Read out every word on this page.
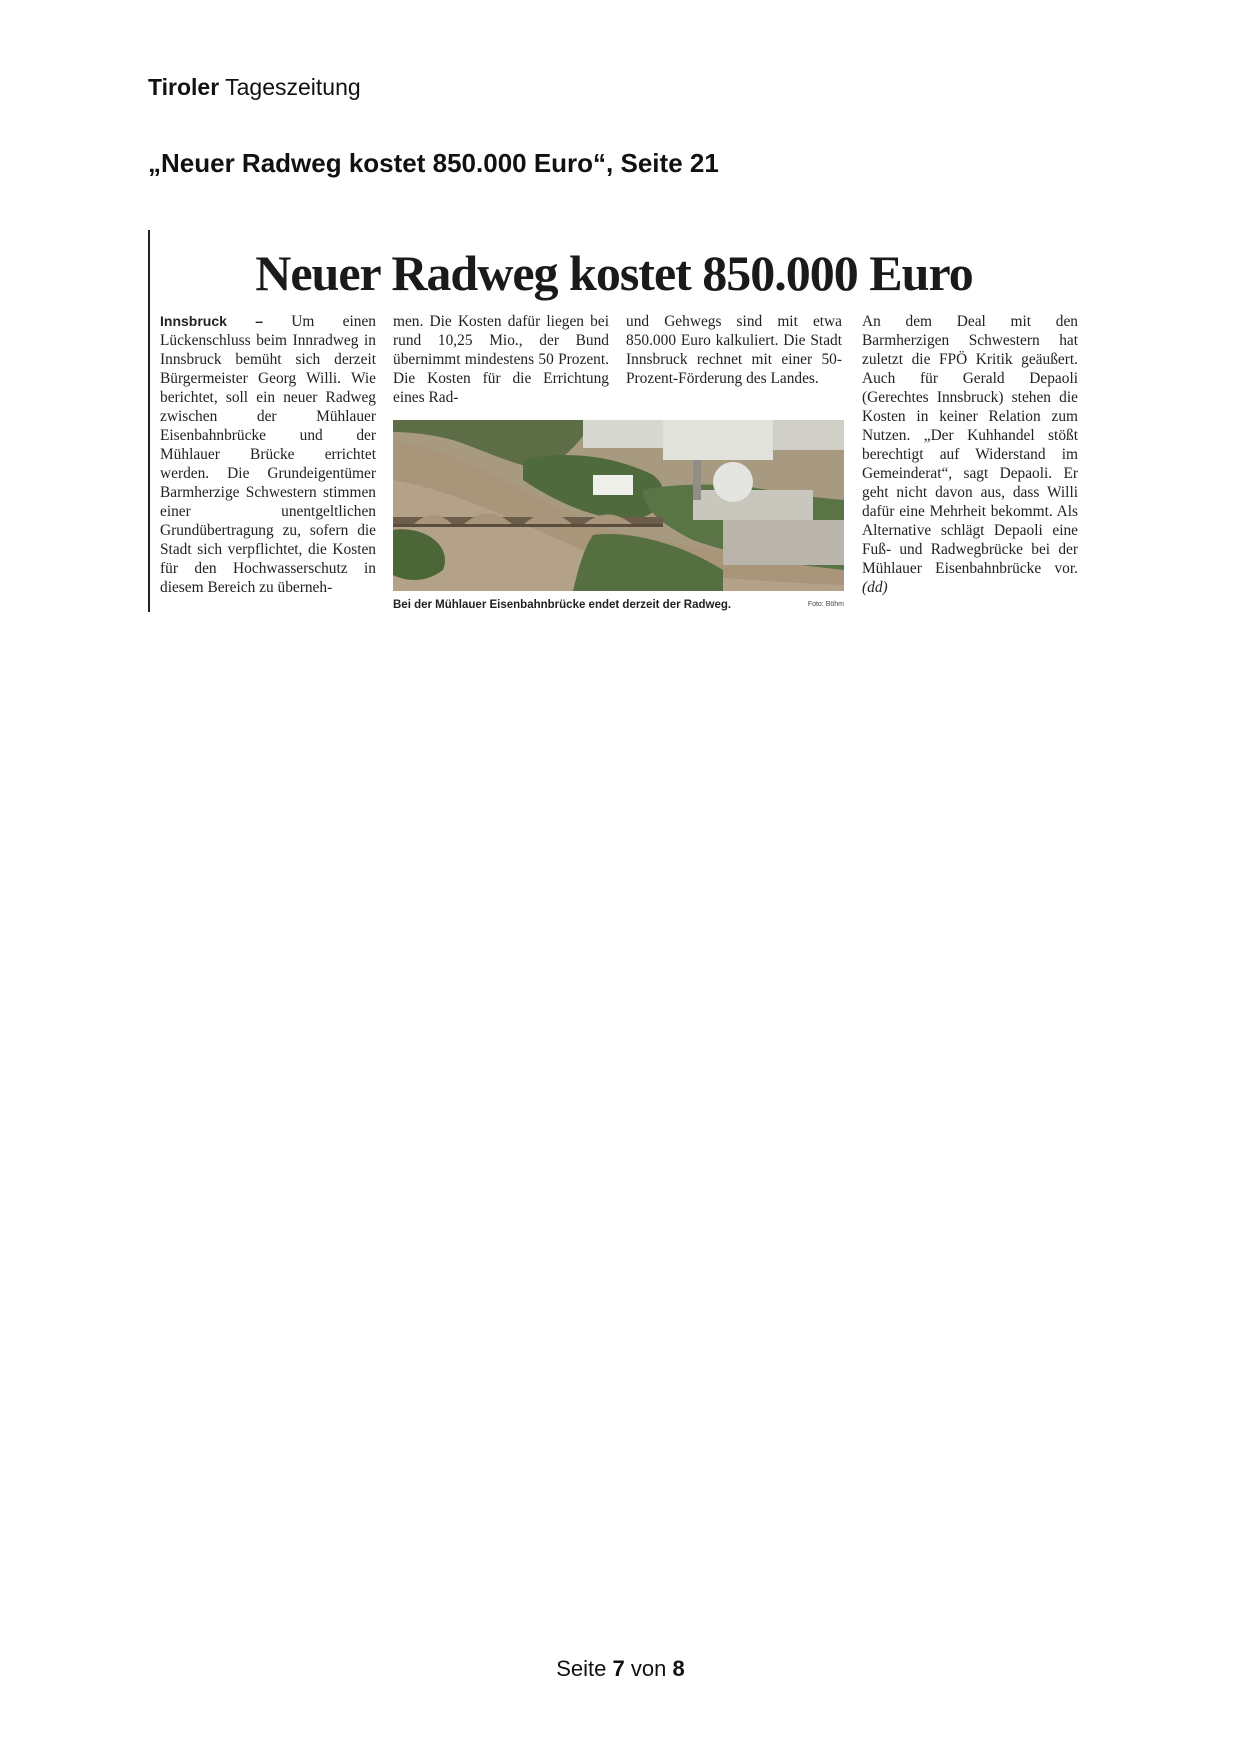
Tiroler Tageszeitung
„Neuer Radweg kostet 850.000 Euro“, Seite 21
Neuer Radweg kostet 850.000 Euro
Innsbruck – Um einen Lückenschluss beim Innradweg in Innsbruck bemüht sich derzeit Bürgermeister Georg Willi. Wie berichtet, soll ein neuer Radweg zwischen der Mühlauer Eisenbahnbrücke und der Mühlauer Brücke errichtet werden. Die Grundeigentümer Barmherzige Schwestern stimmen einer unentgeltlichen Grundübertragung zu, sofern die Stadt sich verpflichtet, die Kosten für den Hochwasserschutz in diesem Bereich zu überneh-
men. Die Kosten dafür liegen bei rund 10,25 Mio., der Bund übernimmt mindestens 50 Prozent. Die Kosten für die Errichtung eines Rad-
und Gehwegs sind mit etwa 850.000 Euro kalkuliert. Die Stadt Innsbruck rechnet mit einer 50-Prozent-Förderung des Landes.
An dem Deal mit den Barmherzigen Schwestern hat zuletzt die FPÖ Kritik geäußert. Auch für Gerald Depaoli (Gerechtes Innsbruck) stehen die Kosten in keiner Relation zum Nutzen. „Der Kuhhandel stößt berechtigt auf Widerstand im Gemeinderat“, sagt Depaoli. Er geht nicht davon aus, dass Willi dafür eine Mehrheit bekommt. Als Alternative schlägt Depaoli eine Fuß- und Radwegbrücke bei der Mühlauer Eisenbahnbrücke vor. (dd)
Bei der Mühlauer Eisenbahnbrücke endet derzeit der Radweg.	Foto: Böhm
Seite 7 von 8
